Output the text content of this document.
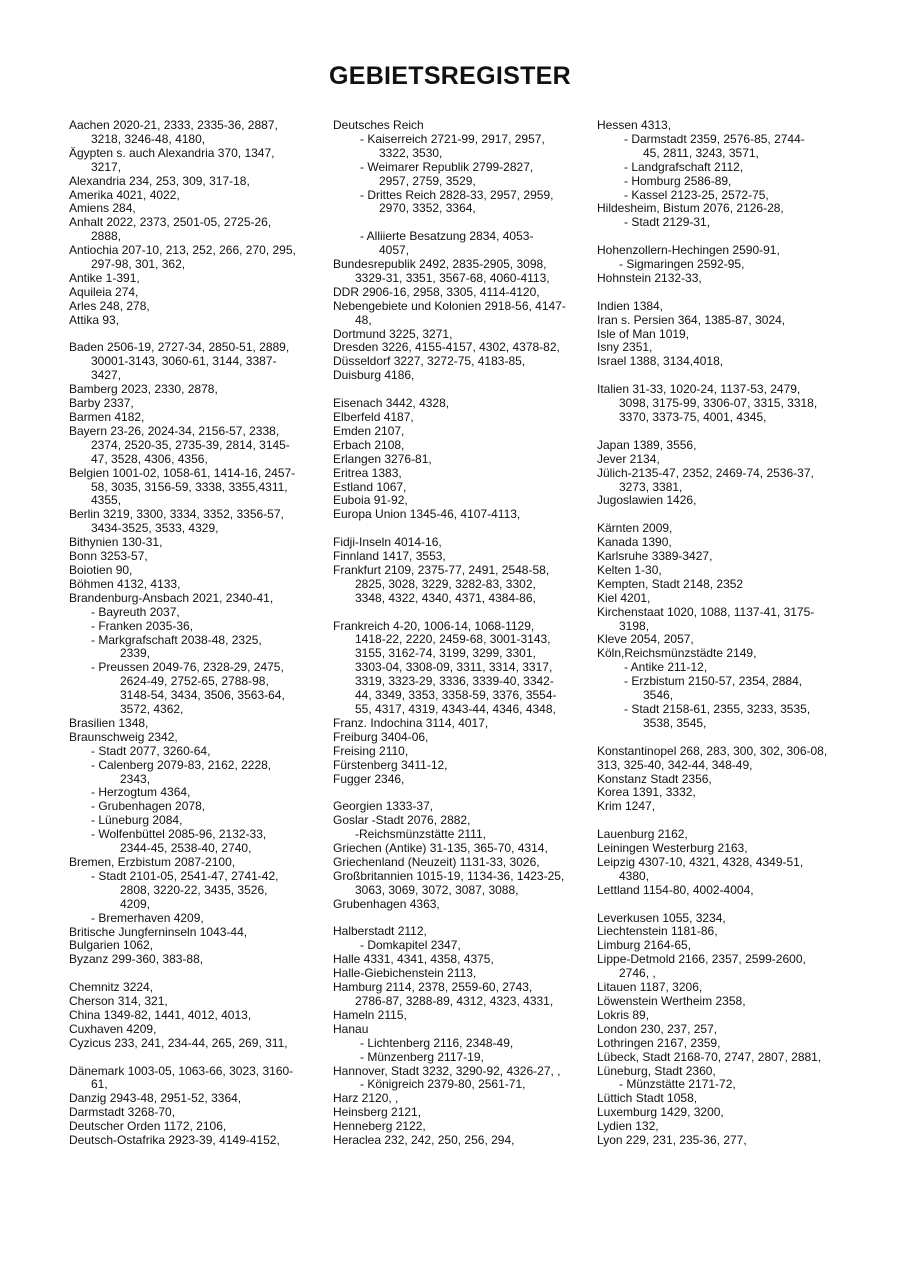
GEBIETSREGISTER
Aachen 2020-21, 2333, 2335-36, 2887,
3218, 3246-48, 4180,
Ägypten s. auch Alexandria 370, 1347,
3217,
Alexandria 234, 253, 309, 317-18,
Amerika 4021, 4022,
Amiens 284,
Anhalt 2022, 2373, 2501-05, 2725-26,
2888,
Antiochia 207-10, 213, 252, 266, 270, 295,
297-98, 301, 362,
Antike 1-391,
Aquileia 274,
Arles 248, 278,
Attika 93,
Baden 2506-19, 2727-34, 2850-51, 2889,
30001-3143, 3060-61, 3144, 3387-
3427,
Bamberg 2023, 2330, 2878,
Barby 2337,
Barmen 4182,
Bayern 23-26, 2024-34, 2156-57, 2338,
2374, 2520-35, 2735-39, 2814, 3145-
47, 3528, 4306, 4356,
Belgien 1001-02, 1058-61, 1414-16, 2457-
58, 3035, 3156-59, 3338, 3355,4311,
4355,
Berlin 3219, 3300, 3334, 3352, 3356-57,
3434-3525, 3533, 4329,
Bithynien 130-31,
Bonn 3253-57,
Boiotien 90,
Böhmen 4132, 4133,
Brandenburg-Ansbach 2021, 2340-41,
- Bayreuth 2037,
- Franken 2035-36,
- Markgrafschaft 2038-48, 2325,
2339,
- Preussen 2049-76, 2328-29, 2475,
2624-49, 2752-65, 2788-98,
3148-54, 3434, 3506, 3563-64,
3572, 4362,
Brasilien 1348,
Braunschweig 2342,
- Stadt 2077, 3260-64,
- Calenberg 2079-83, 2162, 2228,
2343,
- Herzogtum 4364,
- Grubenhagen 2078,
- Lüneburg 2084,
- Wolfenbüttel 2085-96, 2132-33,
2344-45, 2538-40, 2740,
Bremen, Erzbistum 2087-2100,
- Stadt 2101-05, 2541-47, 2741-42,
2808, 3220-22, 3435, 3526,
4209,
- Bremerhaven 4209,
Britische Jungferninseln 1043-44,
Bulgarien 1062,
Byzanz 299-360, 383-88,
Chemnitz 3224,
Cherson 314, 321,
China 1349-82, 1441, 4012, 4013,
Cuxhaven 4209,
Cyzicus 233, 241, 234-44, 265, 269, 311,
Dänemark 1003-05, 1063-66, 3023, 3160-
61,
Danzig 2943-48, 2951-52, 3364,
Darmstadt 3268-70,
Deutscher Orden 1172, 2106,
Deutsch-Ostafrika 2923-39, 4149-4152,
Deutsches Reich
- Kaiserreich 2721-99, 2917, 2957,
3322, 3530,
- Weimarer Republik 2799-2827,
2957, 2759, 3529,
- Drittes Reich 2828-33, 2957, 2959,
2970, 3352, 3364,
- Alliierte Besatzung 2834, 4053-
4057,
Bundesrepublik 2492, 2835-2905, 3098,
3329-31, 3351, 3567-68, 4060-4113,
DDR 2906-16, 2958, 3305, 4114-4120,
Nebengebiete und Kolonien 2918-56, 4147-
48,
Dortmund 3225, 3271,
Dresden 3226, 4155-4157, 4302, 4378-82,
Düsseldorf 3227, 3272-75, 4183-85,
Duisburg 4186,
Eisenach 3442, 4328,
Elberfeld 4187,
Emden 2107,
Erbach 2108,
Erlangen 3276-81,
Eritrea 1383,
Estland 1067,
Euboia 91-92,
Europa Union 1345-46, 4107-4113,
Fidji-Inseln 4014-16,
Finnland 1417, 3553,
Frankfurt 2109, 2375-77, 2491, 2548-58,
2825, 3028, 3229, 3282-83, 3302,
3348, 4322, 4340, 4371, 4384-86,
Frankreich 4-20, 1006-14, 1068-1129,
1418-22, 2220, 2459-68, 3001-3143,
3155, 3162-74, 3199, 3299, 3301,
3303-04, 3308-09, 3311, 3314, 3317,
3319, 3323-29, 3336, 3339-40, 3342-
44, 3349, 3353, 3358-59, 3376, 3554-
55, 4317, 4319, 4343-44, 4346, 4348,
Franz. Indochina 3114, 4017,
Freiburg 3404-06,
Freising 2110,
Fürstenberg 3411-12,
Fugger 2346,
Georgien 1333-37,
Goslar -Stadt 2076, 2882,
-Reichsmünzstätte 2111,
Griechen (Antike) 31-135, 365-70, 4314,
Griechenland (Neuzeit) 1131-33, 3026,
Großbritannien 1015-19, 1134-36, 1423-25,
3063, 3069, 3072, 3087, 3088,
Grubenhagen 4363,
Halberstadt 2112,
- Domkapitel 2347,
Halle 4331, 4341, 4358, 4375,
Halle-Giebichenstein 2113,
Hamburg 2114, 2378, 2559-60, 2743,
2786-87, 3288-89, 4312, 4323, 4331,
Hameln 2115,
Hanau
- Lichtenberg 2116, 2348-49,
- Münzenberg 2117-19,
Hannover, Stadt 3232, 3290-92, 4326-27, ,
- Königreich 2379-80, 2561-71,
Harz 2120, ,
Heinsberg 2121,
Henneberg 2122,
Heraclea 232, 242, 250, 256, 294,
Hessen 4313,
- Darmstadt 2359, 2576-85, 2744-
45, 2811, 3243, 3571,
- Landgrafschaft 2112,
- Homburg 2586-89,
- Kassel 2123-25, 2572-75,
Hildesheim, Bistum 2076, 2126-28,
- Stadt 2129-31,
Hohenzollern-Hechingen 2590-91,
- Sigmaringen 2592-95,
Hohnstein 2132-33,
Indien 1384,
Iran s. Persien 364, 1385-87, 3024,
Isle of Man 1019,
Isny 2351,
Israel 1388, 3134,4018,
Italien 31-33, 1020-24, 1137-53, 2479,
3098, 3175-99, 3306-07, 3315, 3318,
3370, 3373-75, 4001, 4345,
Japan 1389, 3556,
Jever 2134,
Jülich-2135-47, 2352, 2469-74, 2536-37,
3273, 3381,
Jugoslawien 1426,
Kärnten 2009,
Kanada 1390,
Karlsruhe 3389-3427,
Kelten 1-30,
Kempten, Stadt 2148, 2352
Kiel 4201,
Kirchenstaat 1020, 1088, 1137-41, 3175-
3198,
Kleve 2054, 2057,
Köln,Reichsmünzstädte 2149,
- Antike 211-12,
- Erzbistum 2150-57, 2354, 2884,
3546,
- Stadt 2158-61, 2355, 3233, 3535,
3538, 3545,
Konstantinopel 268, 283, 300, 302, 306-08,
313, 325-40, 342-44, 348-49,
Konstanz Stadt 2356,
Korea 1391, 3332,
Krim 1247,
Lauenburg 2162,
Leiningen Westerburg 2163,
Leipzig 4307-10, 4321, 4328, 4349-51,
4380,
Lettland 1154-80, 4002-4004,
Leverkusen 1055, 3234,
Liechtenstein 1181-86,
Limburg 2164-65,
Lippe-Detmold 2166, 2357, 2599-2600,
2746, ,
Litauen 1187, 3206,
Löwenstein Wertheim 2358,
Lokris 89,
London 230, 237, 257,
Lothringen 2167, 2359,
Lübeck, Stadt 2168-70, 2747, 2807, 2881,
Lüneburg, Stadt 2360,
- Münzstätte 2171-72,
Lüttich Stadt 1058,
Luxemburg 1429, 3200,
Lydien 132,
Lyon 229, 231, 235-36, 277,
